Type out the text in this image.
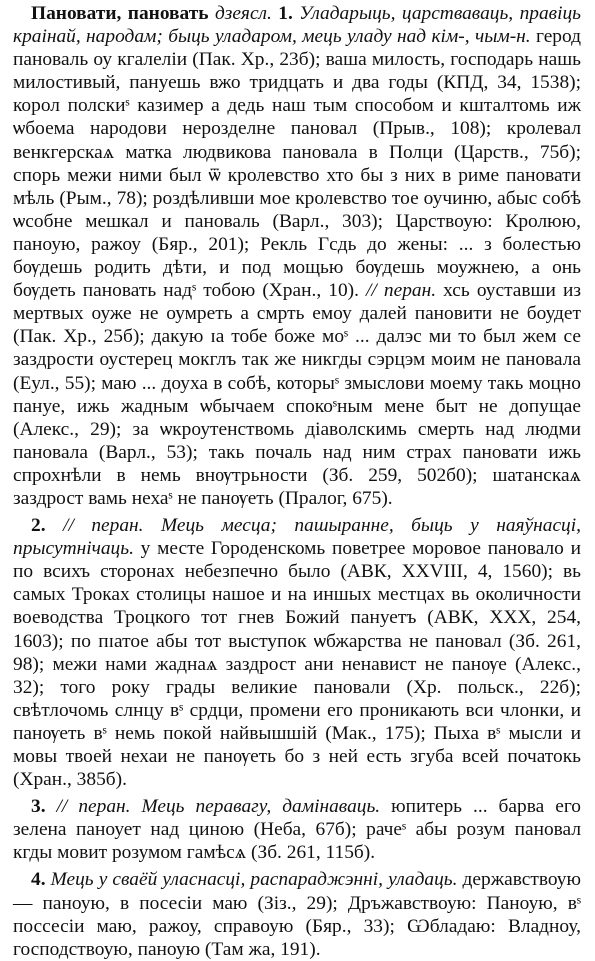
Пановати, пановать дзеясл. 1. Уладарыць, царстваваць, правіць краінай, народам; быць уладаром, мець уладу над кім-, чым-н. герод пановаль оу кгалеліи (Пак. Хр., 23б); ваша милость, господарь нашь милостивый, пануешь вжо тридцать и два годы (КПД, 34, 1538); корол полскиˢ казимер а дедь наш тым способом и кшталтомь иж ѡбоема народови нерозделне пановал (Прыв., 108); кролевал венкгерскаѧ матка людвикова пановала в Полци (Царств., 75б); спорь межи ними был ѿ кролевство хто бы з них в риме пановати мѣль (Рым., 78); роздѣливши мое кролевство тое оучиню, абыс собѣ ѡсобне мешкал и пановаль (Варл., 303); Царствоую: Кролюю, паноую, ражоу (Бяр., 201); Рекль Гсдь до жены: ... з болестью бѹдешь родить дѣти, и под мощью бѹдешь моужнею, а онь бѹдеть пановать надˢ тобою (Хран., 10). // перан. хсь оуставши из мертвых оуже не оумреть а смрть емоу далей пановити не боудет (Пак. Хр., 25б); дакую ɪа тобе боже моˢ ... далэс ми то был жем се заздрости оустерец мокглъ так же никгды сэрцэм моим не пановала (Еул., 55); маю ... доуха в собѣ, которыˢ змыслови моему такь моцно пануе, ижь жадным ѡбычаем спокоˢным мене быт не допущае (Алекс., 29); за ѡкроутенствомь діаволскимь смерть над людми пановала (Варл., 53); такь почаль над ним страх пановати ижь спрохнѣли в немь внѹтрьности (Зб. 259, 502б0); шатанскаѧ заздрост вамь нехаˢ не панѹеть (Пралог, 675).

2. // перан. Мець месца; пашыранне, быць у наяўнасці, прысутнічаць. у месте Городенскомь поветрее моровое пановало и по всихъ сторонах небезпечно было (АВК, XXVIII, 4, 1560); вь самых Троках столицы нашое и на иншых местцах вь околичности воеводства Троцкого тот гнев Божий пануетъ (АВК, XXX, 254, 1603); по пɪатое абы тот выступок ѡбжарства не пановал (Зб. 261, 98); межи нами жаднаѧ заздрост ани ненавист не панѹе (Алекс., 32); того року грады великие пановали (Хр. польск., 22б); свѣтлочомь слнцу вˢ срдци, промени его проникають вси члонки, и панѹеть вˢ немь покой найвышшій (Мак., 175); Пыха вˢ мысли и мовы твоей нехаи не панѹеть бо з ней есть згуба всей початокь (Хран., 385б).

3. // перан. Мець перавагу, дамінаваць. юпитерь ... барва его зелена паноует над циною (Неба, 67б); рачеˢ абы розум пановал кгды мовит розумом гамѣсѧ (Зб. 261, 115б).

4. Мець у сваёй уласнасці, распараджэнні, уладаць. державствоую — паноую, в посесіи маю (Зіз., 29); Дръжавствоую: Паноую, вˢ поссесіи маю, ражоу, справоую (Бяр., 33); Ѡбладаю: Владноу, господствоую, паноую (Там жа, 191).
